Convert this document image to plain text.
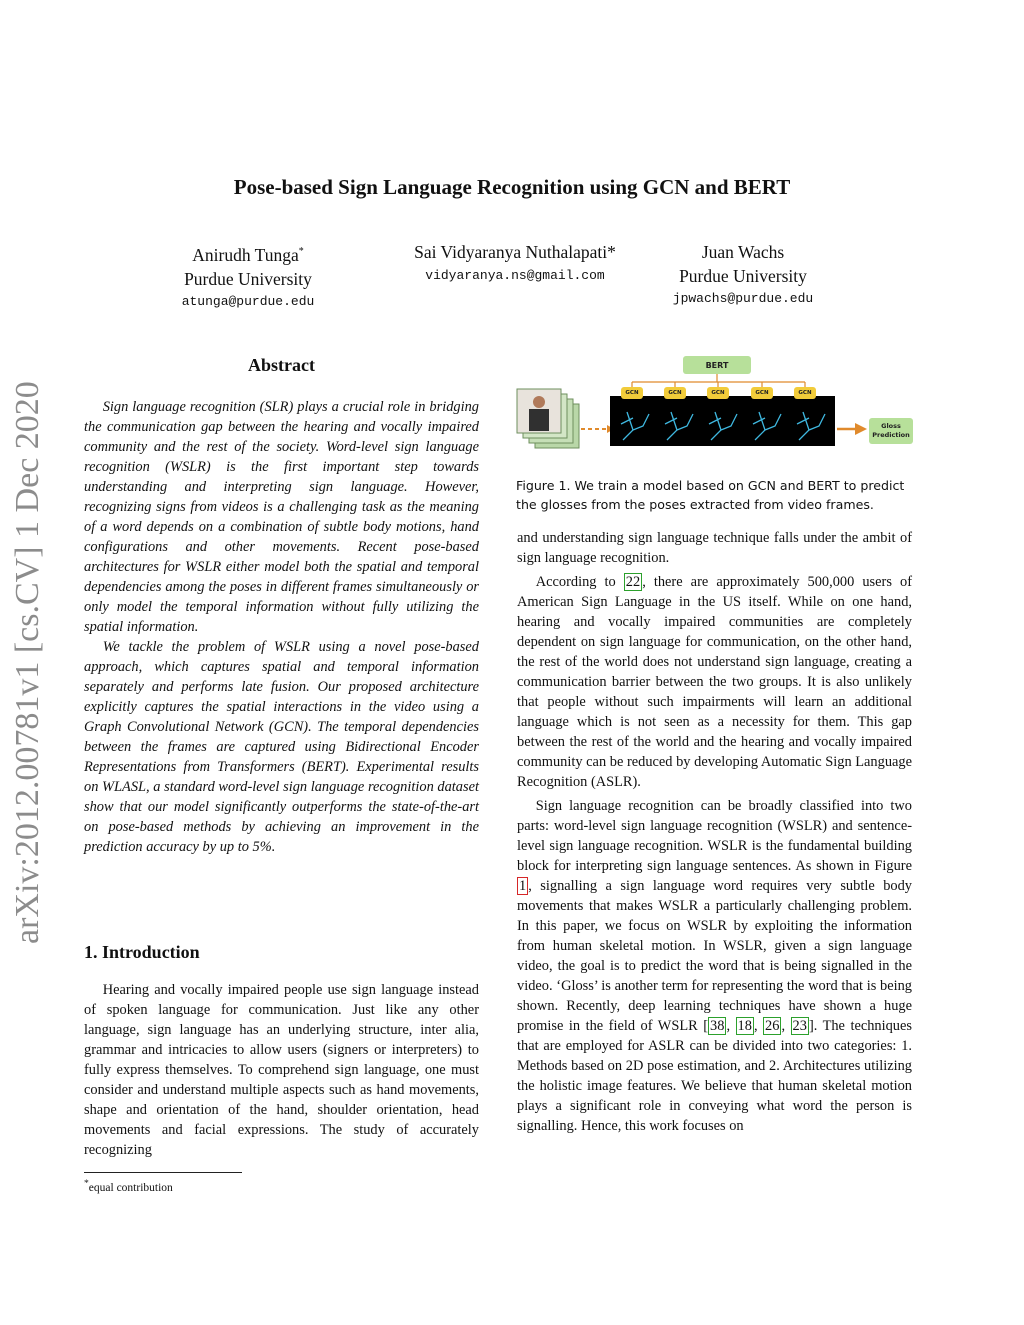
arXiv:2012.00781v1 [cs.CV] 1 Dec 2020
Pose-based Sign Language Recognition using GCN and BERT
Anirudh Tunga*
Purdue University
atunga@purdue.edu
Sai Vidyaranya Nuthalapati*

vidyaranya.ns@gmail.com
Juan Wachs
Purdue University
jpwachs@purdue.edu
Abstract

Sign language recognition (SLR) plays a crucial role in bridging the communication gap between the hearing and vocally impaired community and the rest of the society. Word-level sign language recognition (WSLR) is the first important step towards understanding and interpreting sign language. However, recognizing signs from videos is a challenging task as the meaning of a word depends on a combination of subtle body motions, hand configurations and other movements. Recent pose-based architectures for WSLR either model both the spatial and temporal dependencies among the poses in different frames simultaneously or only model the temporal information without fully utilizing the spatial information.

We tackle the problem of WSLR using a novel pose-based approach, which captures spatial and temporal information separately and performs late fusion. Our proposed architecture explicitly captures the spatial interactions in the video using a Graph Convolutional Network (GCN). The temporal dependencies between the frames are captured using Bidirectional Encoder Representations from Transformers (BERT). Experimental results on WLASL, a standard word-level sign language recognition dataset show that our model significantly outperforms the state-of-the-art on pose-based methods by achieving an improvement in the prediction accuracy by up to 5%.

1. Introduction

Hearing and vocally impaired people use sign language instead of spoken language for communication. Just like any other language, sign language has an underlying structure, inter alia, grammar and intricacies to allow users (signers or interpreters) to fully express themselves. To comprehend sign language, one must consider and understand multiple aspects such as hand movements, shape and orientation of the hand, shoulder orientation, head movements and facial expressions. The study of accurately recognizing

*equal contribution
BERT
GCN	GCN	GCN	GCN	GCN
Gloss
Prediction
Figure 1. We train a model based on GCN and BERT to predict the glosses from the poses extracted from video frames.

and understanding sign language technique falls under the ambit of sign language recognition.

According to 22 , there are approximately 500,000 users of American Sign Language in the US itself. While on one hand, hearing and vocally impaired communities are completely dependent on sign language for communication, on the other hand, the rest of the world does not understand sign language, creating a communication barrier between the two groups. It is also unlikely that people without such impairments will learn an additional language which is not seen as a necessity for them. This gap between the rest of the world and the hearing and vocally impaired community can be reduced by developing Automatic Sign Language Recognition (ASLR).

Sign language recognition can be broadly classified into two parts: word-level sign language recognition (WSLR) and sentence-level sign language recognition. WSLR is the fundamental building block for interpreting sign language sentences. As shown in Figure 1 , signalling a sign language word requires very subtle body movements that makes WSLR a particularly challenging problem. In this paper, we focus on WSLR by exploiting the information from human skeletal motion. In WSLR, given a sign language video, the goal is to predict the word that is being signalled in the video. ‘Gloss’ is another term for representing the word that is being shown. Recently, deep learning techniques have shown a huge promise in the field of WSLR [ 38 , 18 , 26 , 23 ]. The techniques that are employed for ASLR can be divided into two categories: 1. Methods based on 2D pose estimation, and 2. Architectures utilizing the holistic image features. We believe that human skeletal motion plays a significant role in conveying what word the person is signalling. Hence, this work focuses on
